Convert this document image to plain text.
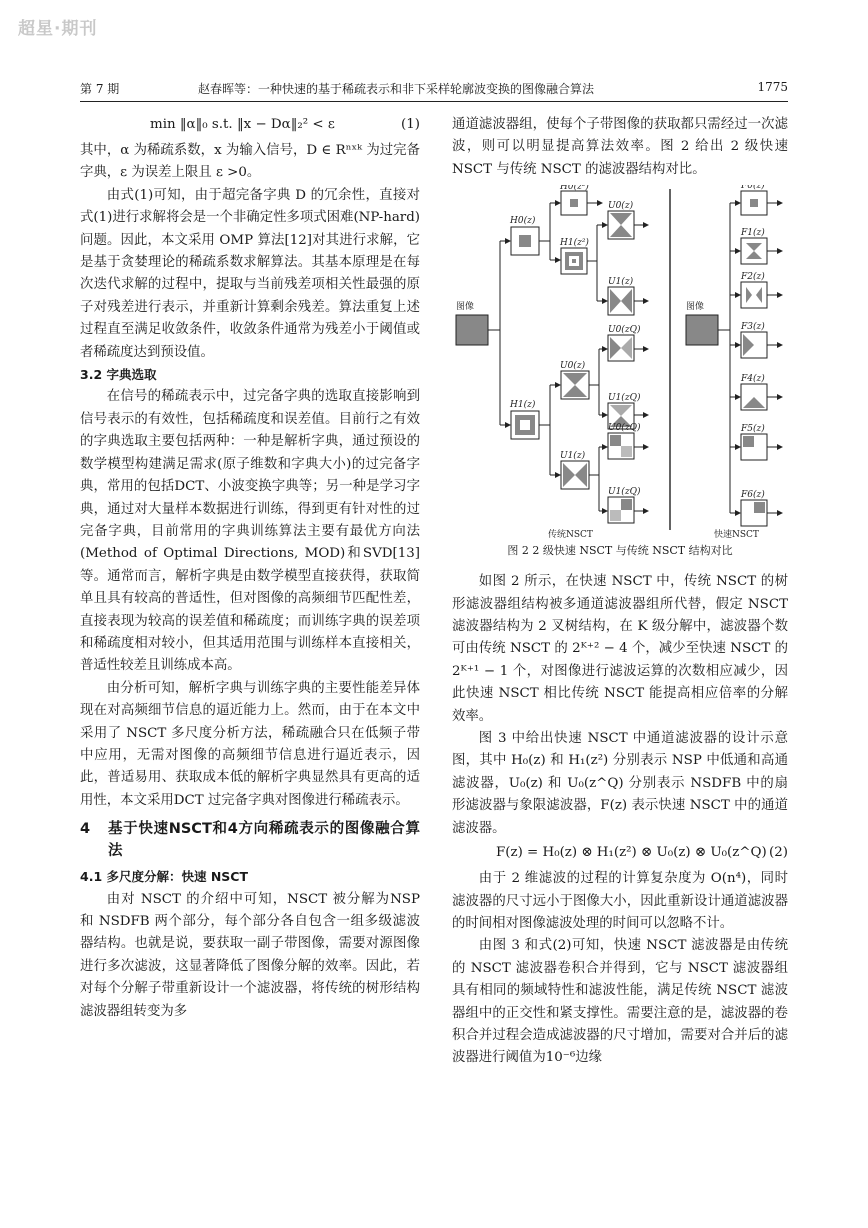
超星·期刊
第 7 期	赵春晖等：一种快速的基于稀疏表示和非下采样轮廓波变换的图像融合算法	1775
min ‖α‖₀ s.t. ‖x − Dα‖₂² < ε	(1)

其中，α 为稀疏系数，x 为输入信号，D ∈ Rⁿˣᵏ 为过完备字典，ε 为误差上限且 ε >0。

由式(1)可知，由于超完备字典 D 的冗余性，直接对式(1)进行求解将会是一个非确定性多项式困难(NP-hard)问题。因此，本文采用 OMP 算法[12]对其进行求解，它是基于贪婪理论的稀疏系数求解算法。其基本原理是在每次迭代求解的过程中，提取与当前残差项相关性最强的原子对残差进行表示，并重新计算剩余残差。算法重复上述过程直至满足收敛条件，收敛条件通常为残差小于阈值或者稀疏度达到预设值。

3.2 字典选取

在信号的稀疏表示中，过完备字典的选取直接影响到信号表示的有效性，包括稀疏度和误差值。目前行之有效的字典选取主要包括两种：一种是解析字典，通过预设的数学模型构建满足需求(原子维数和字典大小)的过完备字典，常用的包括DCT、小波变换字典等；另一种是学习字典，通过对大量样本数据进行训练，得到更有针对性的过完备字典，目前常用的字典训练算法主要有最优方向法(Method of Optimal Directions, MOD)和SVD[13]等。通常而言，解析字典是由数学模型直接获得，获取简单且具有较高的普适性，但对图像的高频细节匹配性差，直接表现为较高的误差值和稀疏度；而训练字典的误差项和稀疏度相对较小，但其适用范围与训练样本直接相关，普适性较差且训练成本高。

由分析可知，解析字典与训练字典的主要性能差异体现在对高频细节信息的逼近能力上。然而，由于在本文中采用了 NSCT 多尺度分析方法，稀疏融合只在低频子带中应用，无需对图像的高频细节信息进行逼近表示，因此，普适易用、获取成本低的解析字典显然具有更高的适用性，本文采用DCT 过完备字典对图像进行稀疏表示。

4	基于快速NSCT和4方向稀疏表示的图像融合算法

4.1 多尺度分解：快速 NSCT

由对 NSCT 的介绍中可知，NSCT 被分解为NSP 和 NSDFB 两个部分，每个部分各自包含一组多级滤波器结构。也就是说，要获取一副子带图像，需要对源图像进行多次滤波，这显著降低了图像分解的效率。因此，若对每个分解子带重新设计一个滤波器，将传统的树形结构滤波器组转变为多

通道滤波器组，使每个子带图像的获取都只需经过一次滤波，则可以明显提高算法效率。图 2 给出 2 级快速 NSCT 与传统 NSCT 的滤波器结构对比。

图像
H0(z)
H1(z)
H0(z²)
H1(z²)
U0(z)
U1(z)
U0(z)
U1(z)
U0(zQ)
U1(zQ)
U0(zQ)
U1(zQ)
图像
F0(z)
F1(z)
F2(z)
F3(z)
F4(z)
F5(z)
F6(z)
传统NSCT	快速NSCT

图 2 2 级快速 NSCT 与传统 NSCT 结构对比

如图 2 所示，在快速 NSCT 中，传统 NSCT 的树形滤波器组结构被多通道滤波器组所代替，假定 NSCT 滤波器结构为 2 叉树结构，在 K 级分解中，滤波器个数可由传统 NSCT 的 2ᴷ⁺² − 4 个，减少至快速 NSCT 的 2ᴷ⁺¹ − 1 个，对图像进行滤波运算的次数相应减少，因此快速 NSCT 相比传统 NSCT 能提高相应倍率的分解效率。

图 3 中给出快速 NSCT 中通道滤波器的设计示意图，其中 H₀(z) 和 H₁(z²) 分别表示 NSP 中低通和高通滤波器，U₀(z) 和 U₀(z^Q) 分别表示 NSDFB 中的扇形滤波器与象限滤波器，F(z) 表示快速 NSCT 中的通道滤波器。

F(z) = H₀(z) ⊗ H₁(z²) ⊗ U₀(z) ⊗ U₀(z^Q) (2)

由于 2 维滤波的过程的计算复杂度为 O(n⁴)，同时滤波器的尺寸远小于图像大小，因此重新设计通道滤波器的时间相对图像滤波处理的时间可以忽略不计。

由图 3 和式(2)可知，快速 NSCT 滤波器是由传统的 NSCT 滤波器卷积合并得到，它与 NSCT 滤波器组具有相同的频域特性和滤波性能，满足传统 NSCT 滤波器组中的正交性和紧支撑性。需要注意的是，滤波器的卷积合并过程会造成滤波器的尺寸增加，需要对合并后的滤波器进行阈值为10⁻⁶边缘
